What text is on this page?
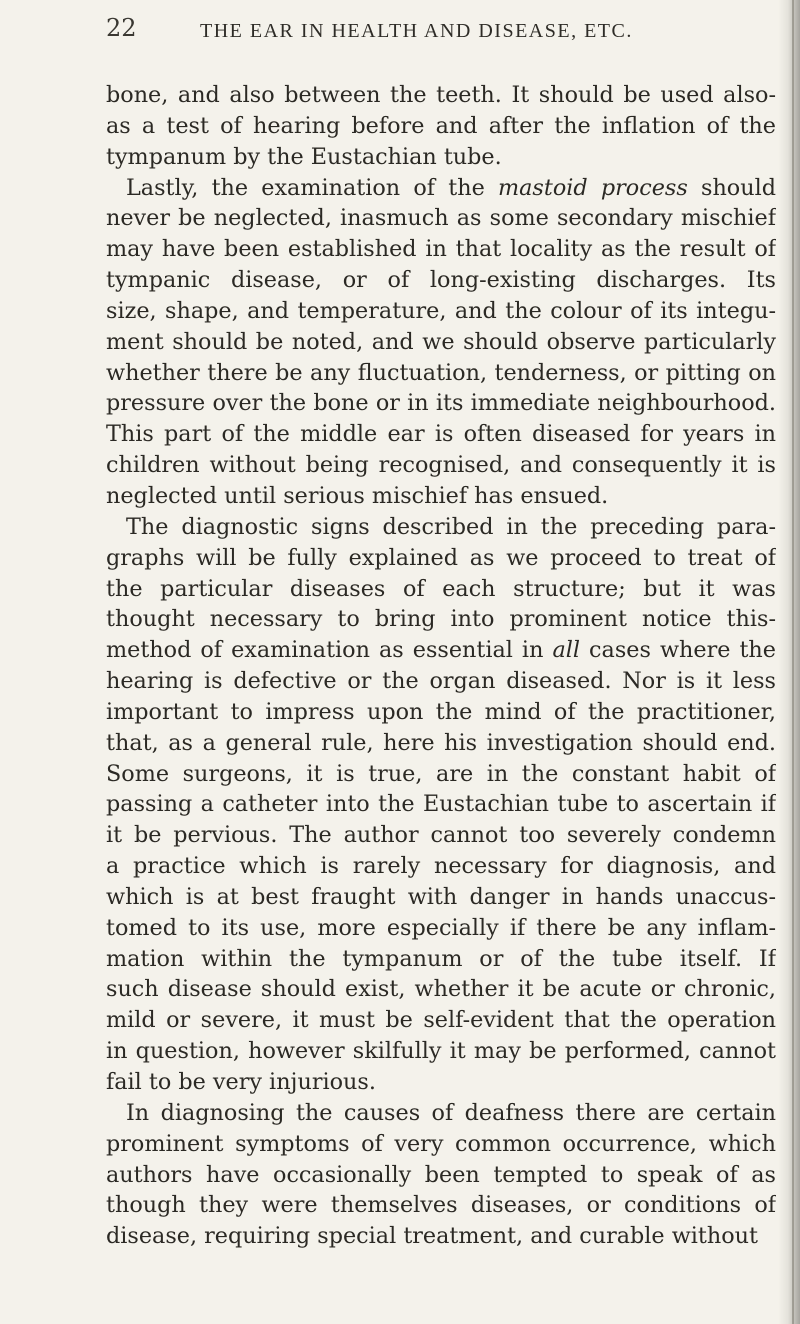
22	THE EAR IN HEALTH AND DISEASE, ETC.
bone, and also between the teeth. It should be used also-
as a test of hearing before and after the inflation of the
tympanum by the Eustachian tube.
Lastly, the examination of the mastoid process should
never be neglected, inasmuch as some secondary mischief
may have been established in that locality as the result of
tympanic disease, or of long-existing discharges. Its
size, shape, and temperature, and the colour of its integu-
ment should be noted, and we should observe particularly
whether there be any fluctuation, tenderness, or pitting on
pressure over the bone or in its immediate neighbourhood.
This part of the middle ear is often diseased for years in
children without being recognised, and consequently it is
neglected until serious mischief has ensued.
The diagnostic signs described in the preceding para-
graphs will be fully explained as we proceed to treat of
the particular diseases of each structure; but it was
thought necessary to bring into prominent notice this-
method of examination as essential in all cases where the
hearing is defective or the organ diseased. Nor is it less
important to impress upon the mind of the practitioner,
that, as a general rule, here his investigation should end.
Some surgeons, it is true, are in the constant habit of
passing a catheter into the Eustachian tube to ascertain if
it be pervious. The author cannot too severely condemn
a practice which is rarely necessary for diagnosis, and
which is at best fraught with danger in hands unaccus-
tomed to its use, more especially if there be any inflam-
mation within the tympanum or of the tube itself. If
such disease should exist, whether it be acute or chronic,
mild or severe, it must be self-evident that the operation
in question, however skilfully it may be performed, cannot
fail to be very injurious.
In diagnosing the causes of deafness there are certain
prominent symptoms of very common occurrence, which
authors have occasionally been tempted to speak of as
though they were themselves diseases, or conditions of
disease, requiring special treatment, and curable without
